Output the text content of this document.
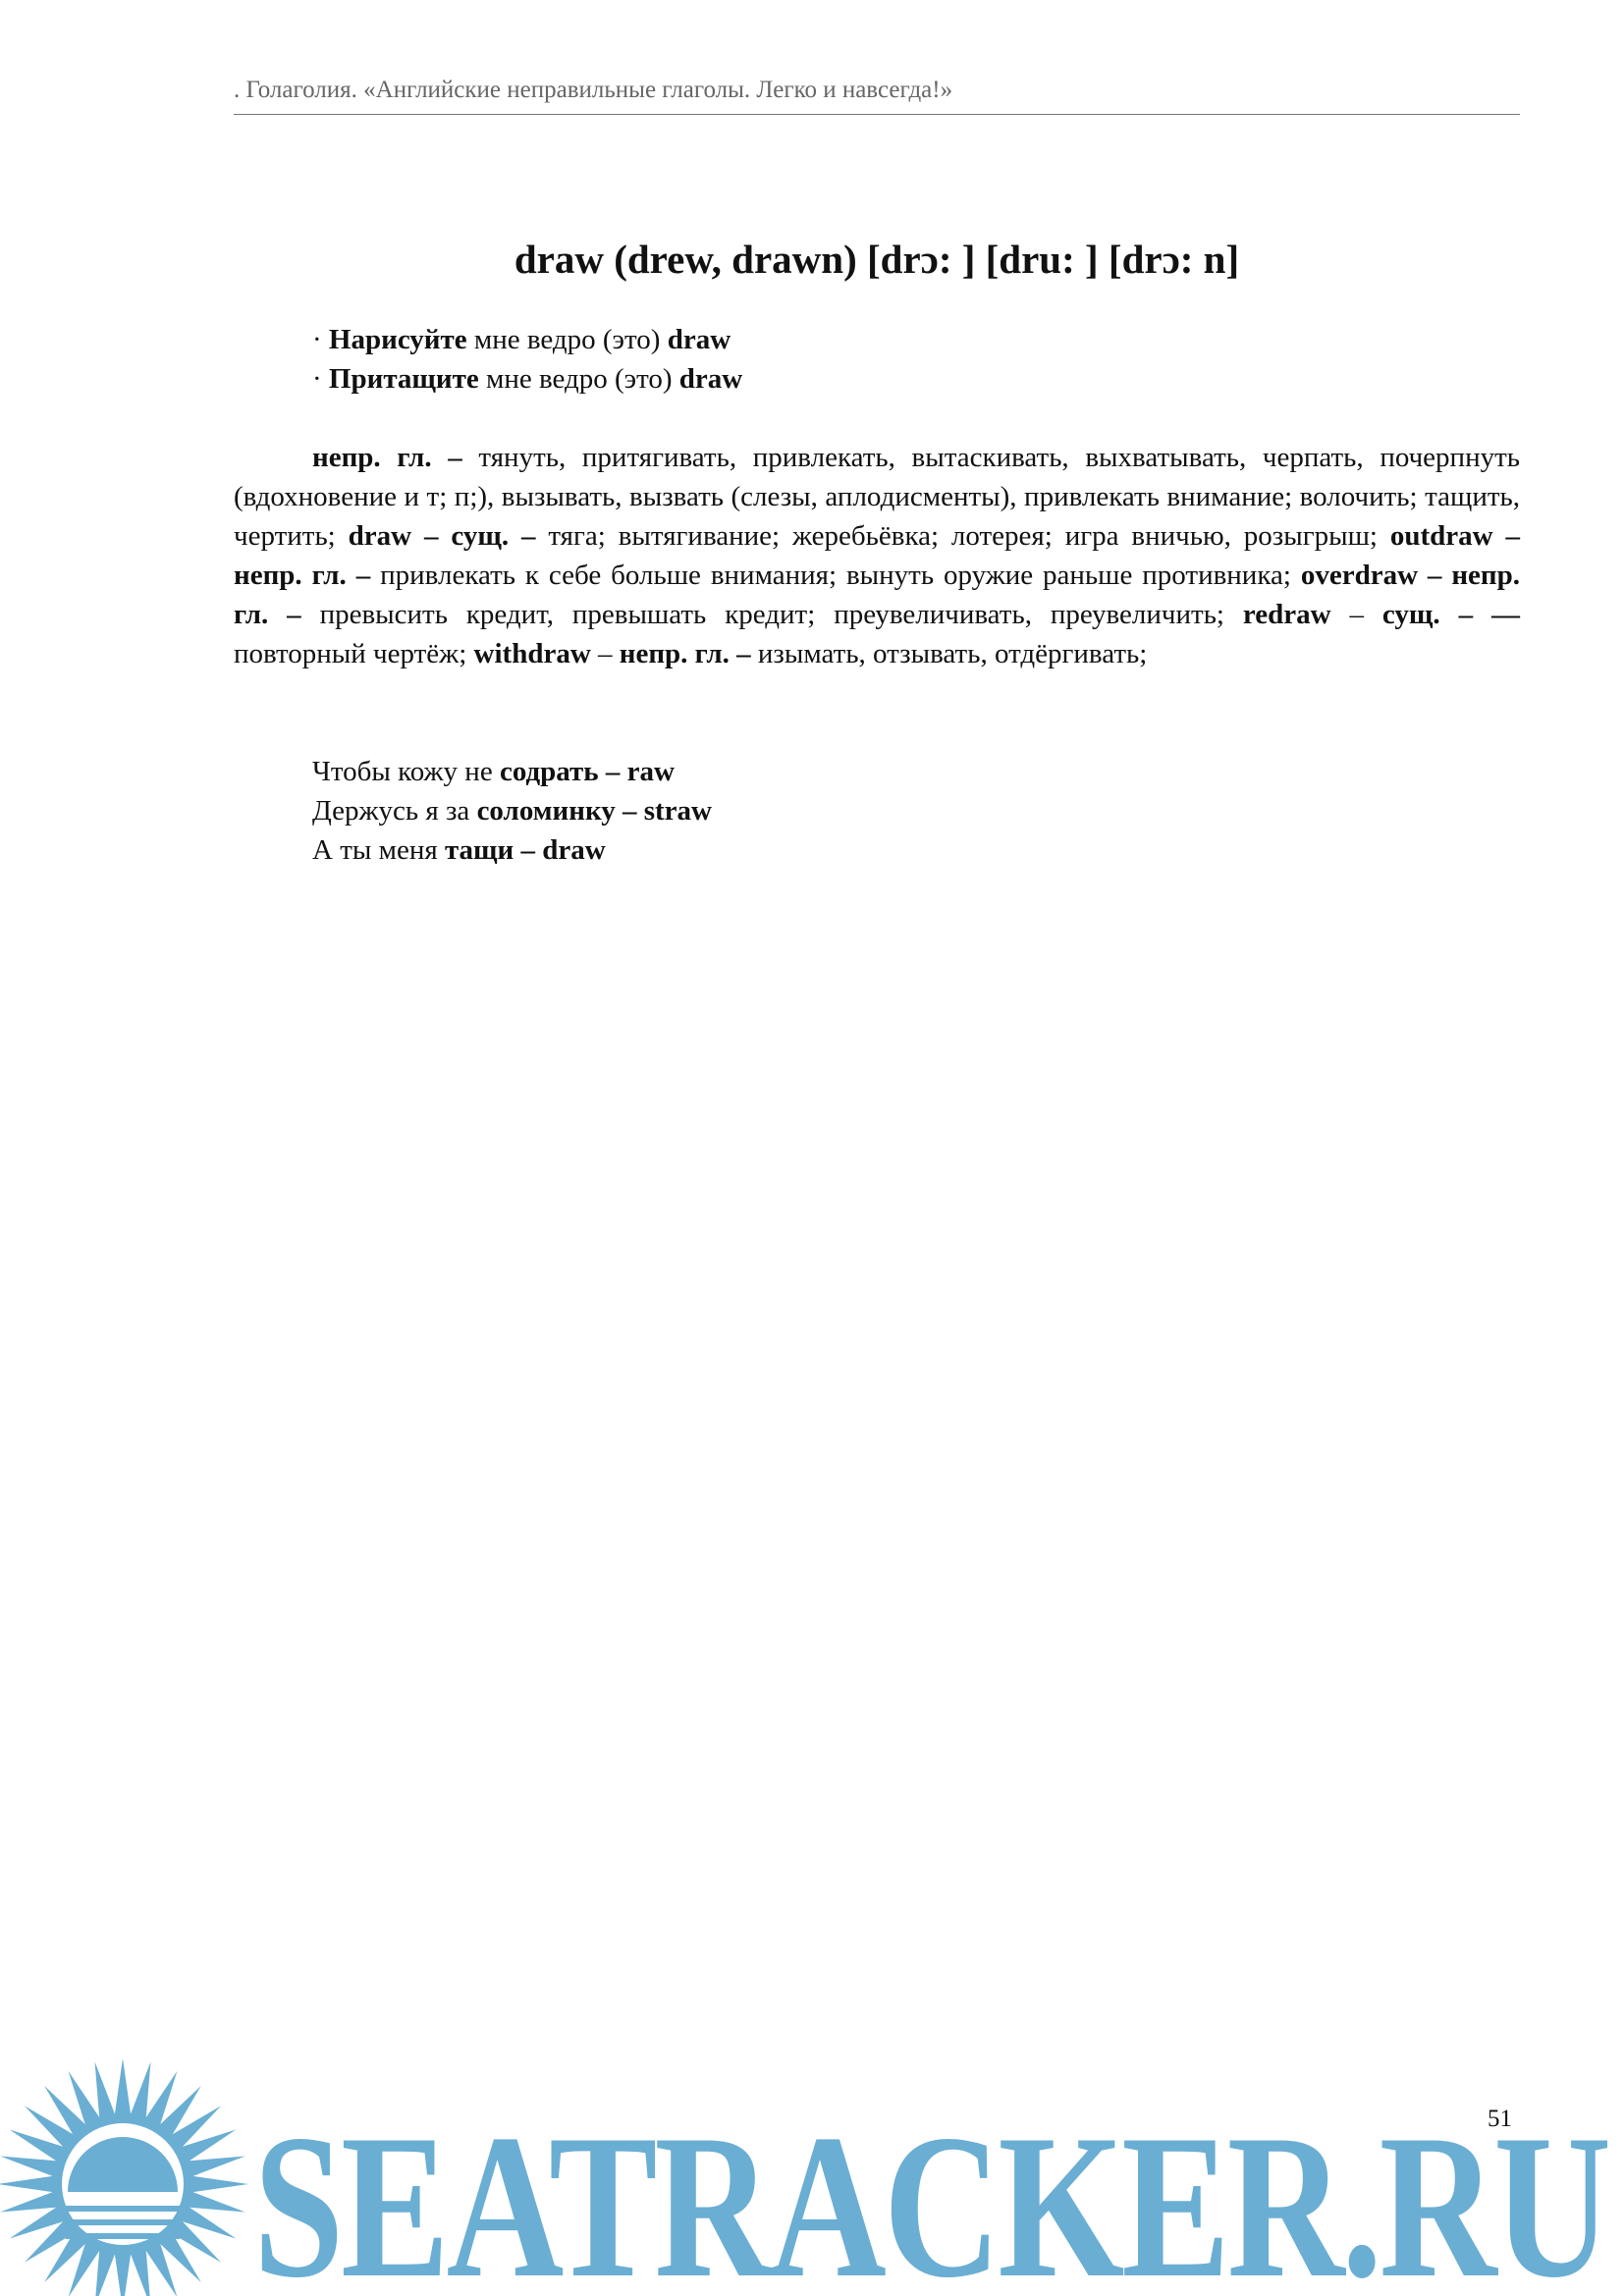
. Голаголия. «Английские неправильные глаголы. Легко и навсегда!»
draw (drew, drawn) [drɔ: ] [dru: ] [drɔ: n]
· Нарисуйте мне ведро (это) draw
· Притащите мне ведро (это) draw
непр. гл. – тянуть, притягивать, привлекать, вытаскивать, выхватывать, черпать, почерпнуть (вдохновение и т; п;), вызывать, вызвать (слезы, аплодисменты), привлекать внимание; волочить; тащить, чертить; draw – сущ. – тяга; вытягивание; жеребьёвка; лотерея; игра вничью, розыгрыш; outdraw – непр. гл. – привлекать к себе больше внимания; вынуть оружие раньше противника; overdraw – непр. гл. – превысить кредит, превышать кредит; преувеличивать, преувеличить; redraw – сущ. – — повторный чертёж; withdraw – непр. гл. – изымать, отзывать, отдёргивать;
Чтобы кожу не содрать – raw
Держусь я за соломинку – straw
А ты меня тащи – draw
SEATRACKER.RU
51
